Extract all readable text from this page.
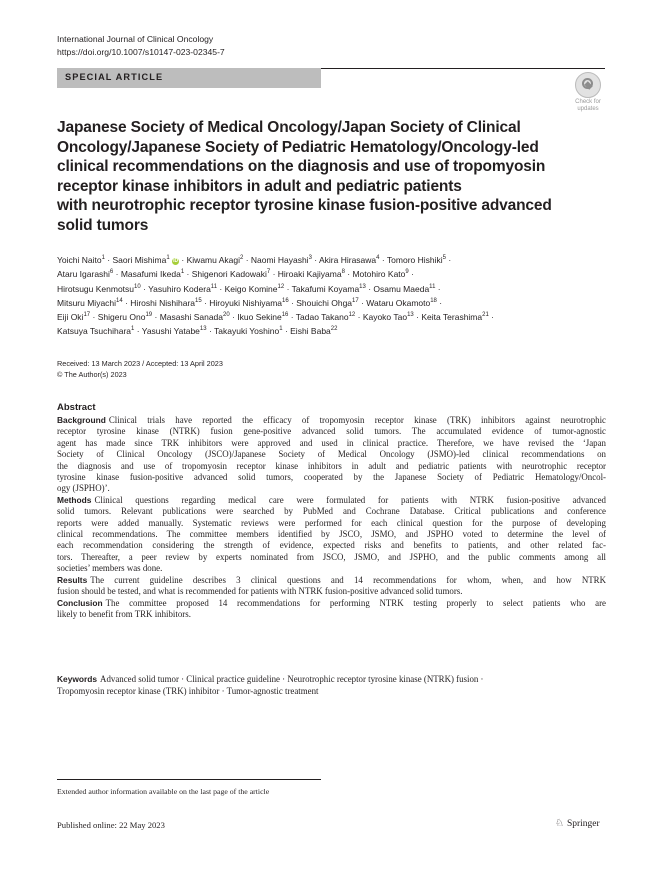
International Journal of Clinical Oncology
https://doi.org/10.1007/s10147-023-02345-7
SPECIAL ARTICLE
Check for
updates
Japanese Society of Medical Oncology/Japan Society of Clinical
Oncology/Japanese Society of Pediatric Hematology/Oncology-led
clinical recommendations on the diagnosis and use of tropomyosin
receptor kinase inhibitors in adult and pediatric patients
with neurotrophic receptor tyrosine kinase fusion-positive advanced
solid tumors
Yoichi Naito$^1$ · Saori Mishima$^1$ iD · Kiwamu Akagi$^2$ · Naomi Hayashi$^3$ · Akira Hirasawa$^4$ · Tomoro Hishiki$^5$ ·
Ataru Igarashi$^6$ · Masafumi Ikeda$^1$ · Shigenori Kadowaki$^7$ · Hiroaki Kajiyama$^8$ · Motohiro Kato$^9$ ·
Hirotsugu Kenmotsu$^{10}$ · Yasuhiro Kodera$^{11}$ · Keigo Komine$^{12}$ · Takafumi Koyama$^{13}$ · Osamu Maeda$^{11}$ ·
Mitsuru Miyachi$^{14}$ · Hiroshi Nishihara$^{15}$ · Hiroyuki Nishiyama$^{16}$ · Shouichi Ohga$^{17}$ · Wataru Okamoto$^{18}$ ·
Eiji Oki$^{17}$ · Shigeru Ono$^{19}$ · Masashi Sanada$^{20}$ · Ikuo Sekine$^{16}$ · Tadao Takano$^{12}$ · Kayoko Tao$^{13}$ · Keita Terashima$^{21}$ ·
Katsuya Tsuchihara$^1$ · Yasushi Yatabe$^{13}$ · Takayuki Yoshino$^1$ · Eishi Baba$^{22}$
Received: 13 March 2023 / Accepted: 13 April 2023
© The Author(s) 2023
Abstract
Background Clinical trials have reported the efficacy of tropomyosin receptor kinase (TRK) inhibitors against neurotrophic
receptor tyrosine kinase (NTRK) fusion gene-positive advanced solid tumors. The accumulated evidence of tumor-agnostic
agent has made since TRK inhibitors were approved and used in clinical practice. Therefore, we have revised the ‘Japan
Society of Clinical Oncology (JSCO)/Japanese Society of Medical Oncology (JSMO)-led clinical recommendations on
the diagnosis and use of tropomyosin receptor kinase inhibitors in adult and pediatric patients with neurotrophic receptor
tyrosine kinase fusion-positive advanced solid tumors, cooperated by the Japanese Society of Pediatric Hematology/Oncol-
ogy (JSPHO)’.
Methods Clinical questions regarding medical care were formulated for patients with NTRK fusion-positive advanced
solid tumors. Relevant publications were searched by PubMed and Cochrane Database. Critical publications and conference
reports were added manually. Systematic reviews were performed for each clinical question for the purpose of developing
clinical recommendations. The committee members identified by JSCO, JSMO, and JSPHO voted to determine the level of
each recommendation considering the strength of evidence, expected risks and benefits to patients, and other related fac-
tors. Thereafter, a peer review by experts nominated from JSCO, JSMO, and JSPHO, and the public comments among all
societies’ members was done.
Results The current guideline describes 3 clinical questions and 14 recommendations for whom, when, and how NTRK
fusion should be tested, and what is recommended for patients with NTRK fusion-positive advanced solid tumors.
Conclusion The committee proposed 14 recommendations for performing NTRK testing properly to select patients who are
likely to benefit from TRK inhibitors.
Keywords Advanced solid tumor · Clinical practice guideline · Neurotrophic receptor tyrosine kinase (NTRK) fusion ·
Tropomyosin receptor kinase (TRK) inhibitor · Tumor-agnostic treatment
Extended author information available on the last page of the article
Published online: 22 May 2023	♘ Springer
